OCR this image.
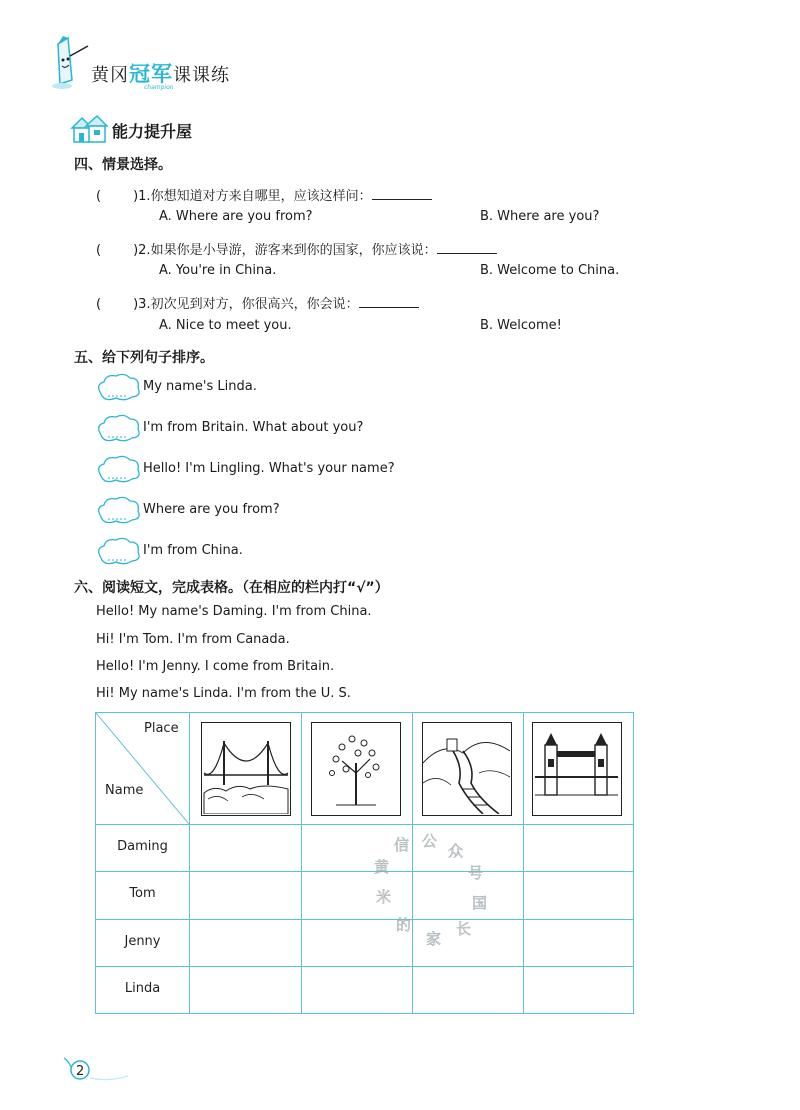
黄冈冠军课课练
champion
能力提升屋
四、情景选择。
( )1.你想知道对方来自哪里，应该这样问：
A. Where are you from?	B. Where are you?
( )2.如果你是小导游，游客来到你的国家，你应该说：
A. You're in China.	B. Welcome to China.
( )3.初次见到对方，你很高兴，你会说：
A. Nice to meet you.	B. Welcome!
五、给下列句子排序。
My name's Linda.
I'm from Britain. What about you?
Hello! I'm Lingling. What's your name?
Where are you from?
I'm from China.
六、阅读短文，完成表格。（在相应的栏内打“√”）
Hello! My name's Daming. I'm from China.
Hi! I'm Tom. I'm from Canada.
Hello! I'm Jenny. I come from Britain.
Hi! My name's Linda. I'm from the U. S.
Place
Name
Daming
Tom
Jenny
Linda
公
众
号
国
长
家
的
米
黄
信
2
